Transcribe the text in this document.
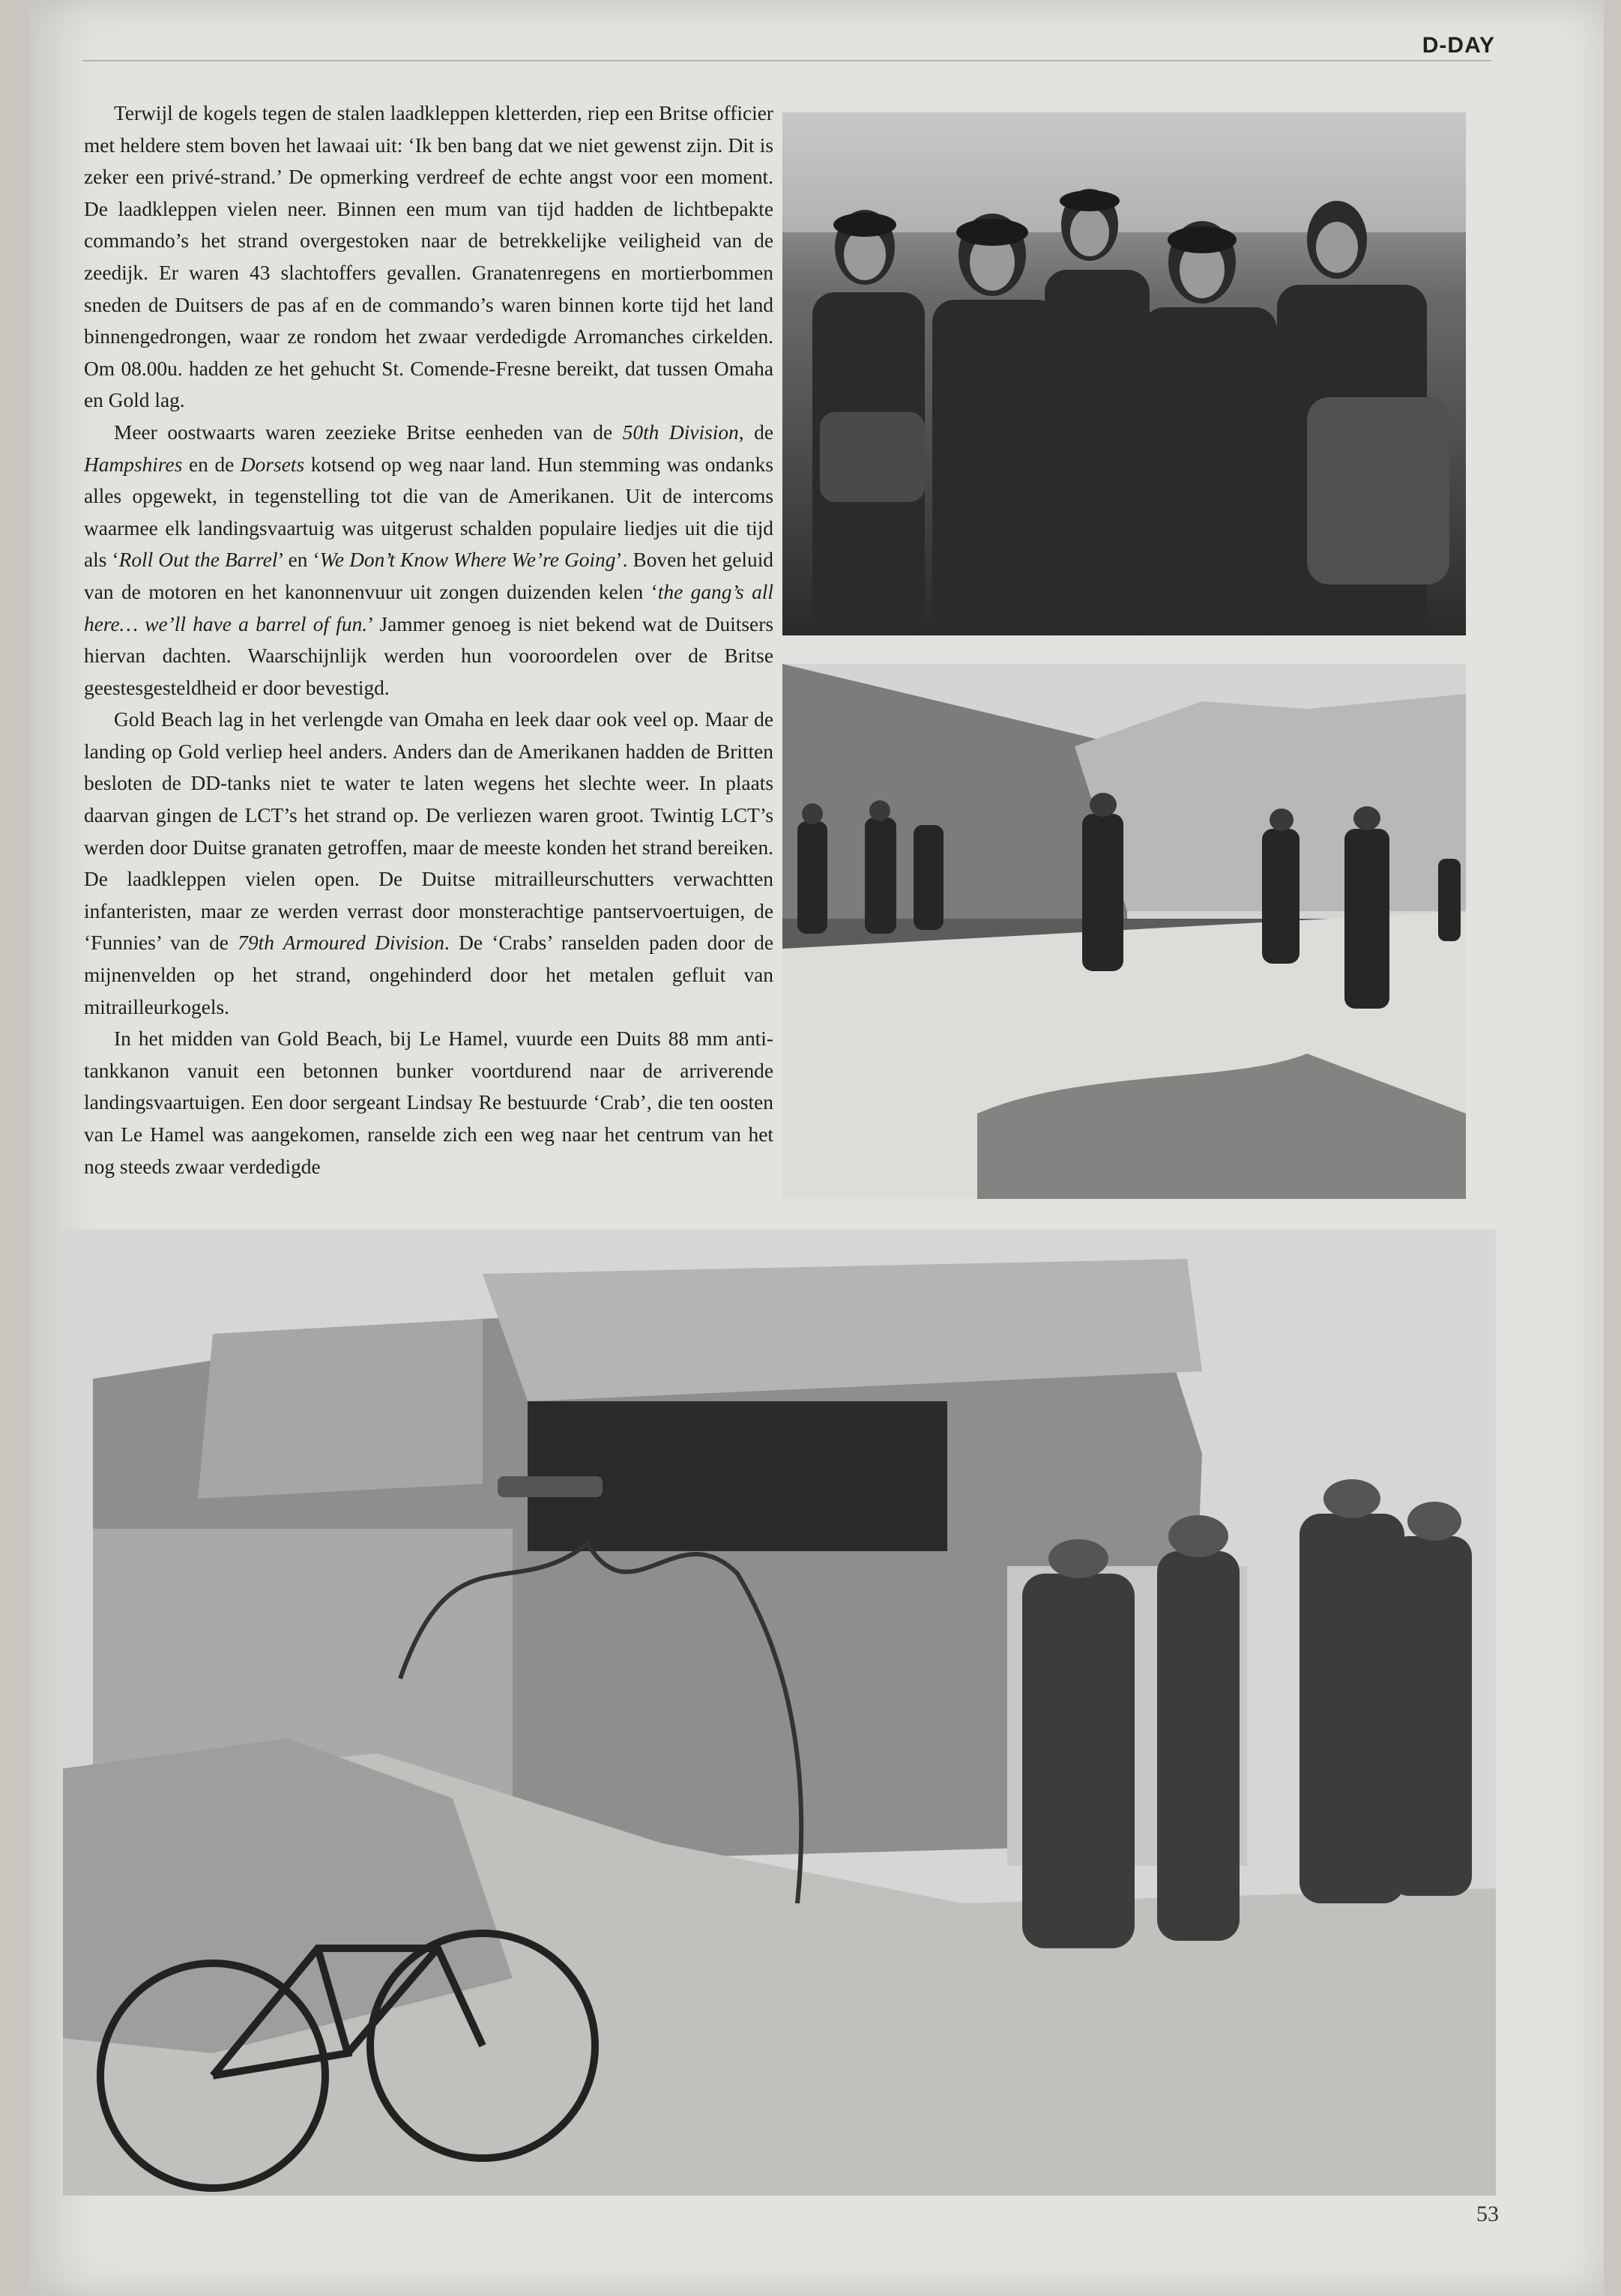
D-DAY

Terwijl de kogels tegen de stalen laadkleppen kletterden, riep een Britse officier met heldere stem boven het lawaai uit: ‘Ik ben bang dat we niet gewenst zijn. Dit is zeker een privé-strand.’ De opmerking verdreef de echte angst voor een moment. De laadkleppen vielen neer. Binnen een mum van tijd hadden de lichtbepakte commando’s het strand overgestoken naar de betrekkelijke veiligheid van de zeedijk. Er waren 43 slachtoffers gevallen. Granatenregens en mortierbommen sneden de Duitsers de pas af en de commando’s waren binnen korte tijd het land binnengedrongen, waar ze rondom het zwaar verdedigde Arromanches cirkelden. Om 08.00u. hadden ze het gehucht St. Comende-Fresne bereikt, dat tussen Omaha en Gold lag.

Meer oostwaarts waren zeezieke Britse eenheden van de 50th Division, de Hampshires en de Dorsets kotsend op weg naar land. Hun stemming was ondanks alles opgewekt, in tegenstelling tot die van de Amerikanen. Uit de intercoms waarmee elk landingsvaartuig was uitgerust schalden populaire liedjes uit die tijd als ‘Roll Out the Barrel’ en ‘We Don’t Know Where We’re Going’. Boven het geluid van de motoren en het kanonnenvuur uit zongen duizenden kelen ‘the gang’s all here… we’ll have a barrel of fun.’ Jammer genoeg is niet bekend wat de Duitsers hiervan dachten. Waarschijnlijk werden hun vooroordelen over de Britse geestesgesteldheid er door bevestigd.

Gold Beach lag in het verlengde van Omaha en leek daar ook veel op. Maar de landing op Gold verliep heel anders. Anders dan de Amerikanen hadden de Britten besloten de DD-tanks niet te water te laten wegens het slechte weer. In plaats daarvan gingen de LCT’s het strand op. De verliezen waren groot. Twintig LCT’s werden door Duitse granaten getroffen, maar de meeste konden het strand bereiken. De laadkleppen vielen open. De Duitse mitrailleurschutters verwachtten infanteristen, maar ze werden verrast door monsterachtige pantservoertuigen, de ‘Funnies’ van de 79th Armoured Division. De ‘Crabs’ ranselden paden door de mijnenvelden op het strand, ongehinderd door het metalen gefluit van mitrailleurkogels.

In het midden van Gold Beach, bij Le Hamel, vuurde een Duits 88 mm anti-tankkanon vanuit een betonnen bunker voortdurend naar de arriverende landingsvaartuigen. Een door sergeant Lindsay Re bestuurde ‘Crab’, die ten oosten van Le Hamel was aangekomen, ranselde zich een weg naar het centrum van het nog steeds zwaar verdedigde

53
